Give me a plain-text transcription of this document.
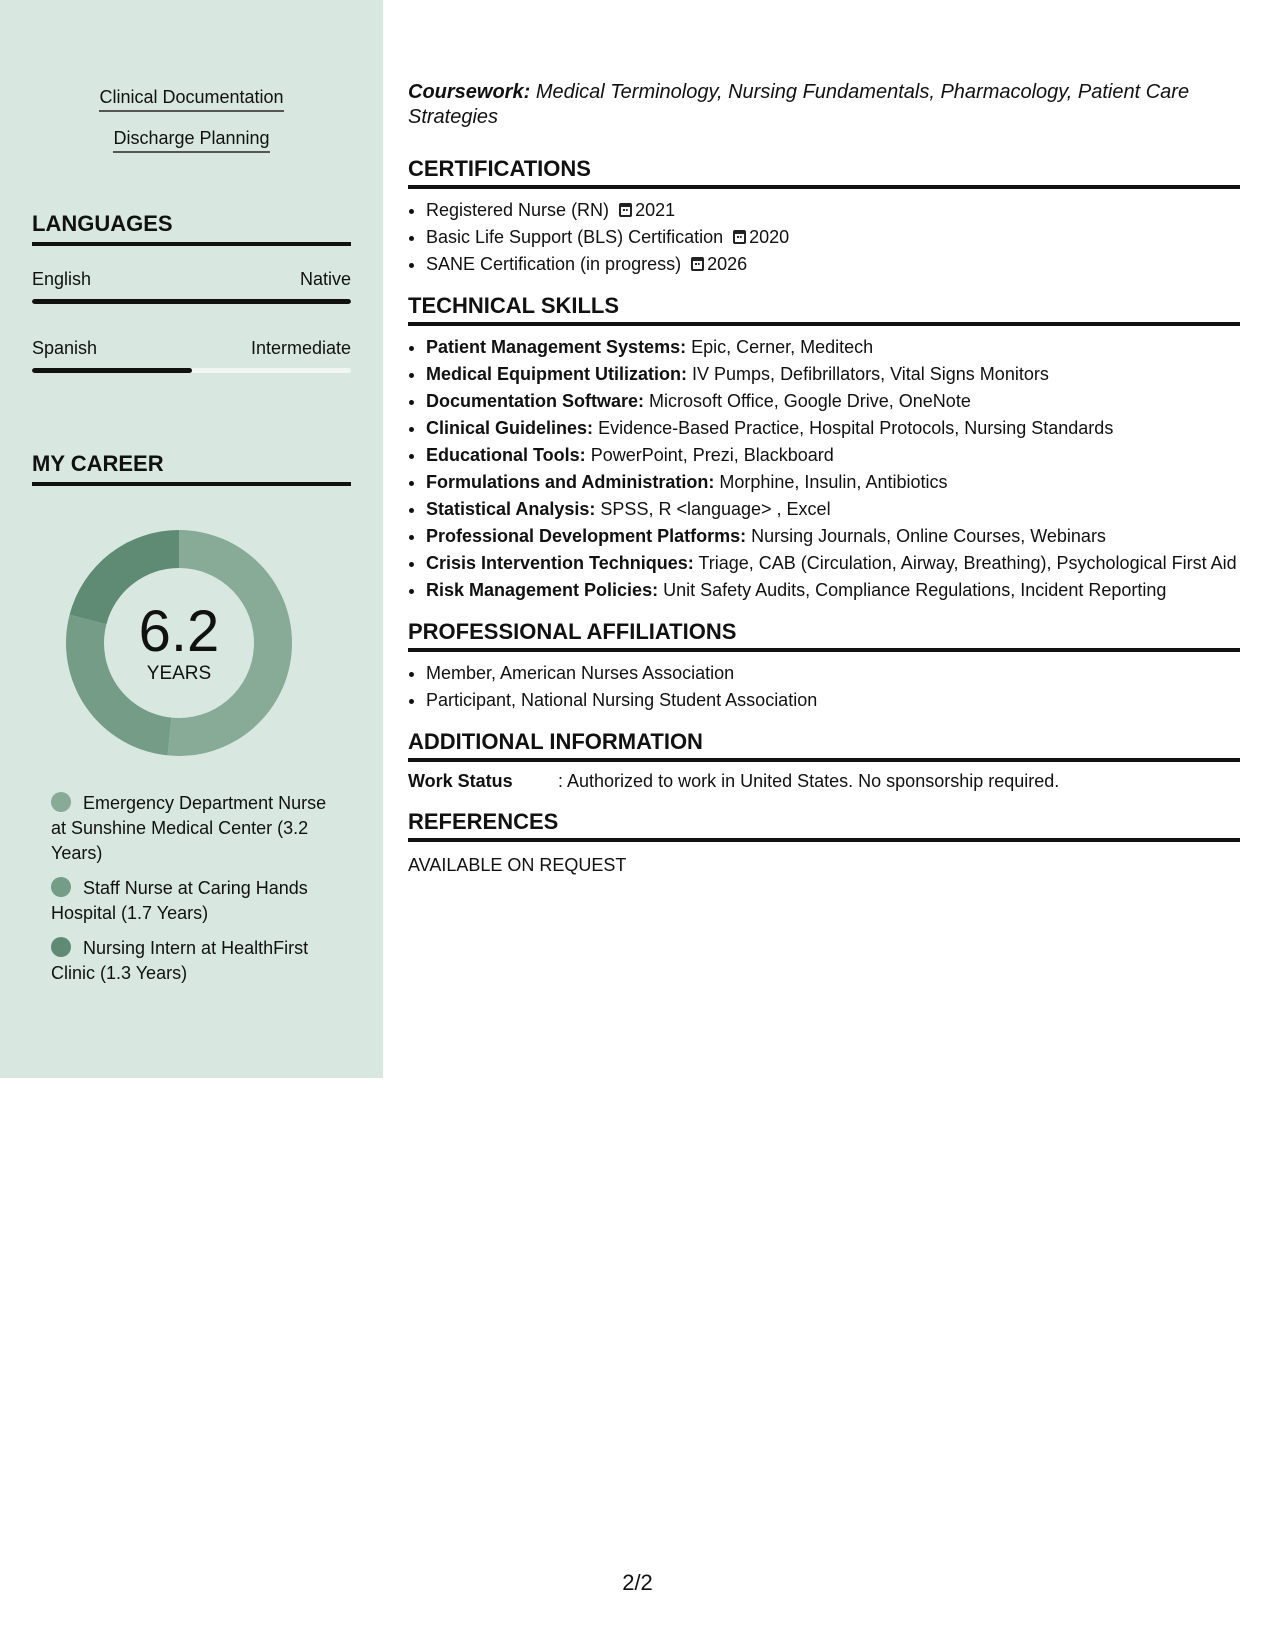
Clinical Documentation
Discharge Planning
LANGUAGES
English	Native
Spanish	Intermediate
MY CAREER
6.2
YEARS
Emergency Department Nurse at Sunshine Medical Center (3.2 Years)
Staff Nurse at Caring Hands Hospital (1.7 Years)
Nursing Intern at HealthFirst Clinic (1.3 Years)

Coursework: Medical Terminology, Nursing Fundamentals, Pharmacology, Patient Care Strategies

CERTIFICATIONS
• Registered Nurse (RN) 2021
• Basic Life Support (BLS) Certification 2020
• SANE Certification (in progress) 2026
TECHNICAL SKILLS
• Patient Management Systems: Epic, Cerner, Meditech
• Medical Equipment Utilization: IV Pumps, Defibrillators, Vital Signs Monitors
• Documentation Software: Microsoft Office, Google Drive, OneNote
• Clinical Guidelines: Evidence-Based Practice, Hospital Protocols, Nursing Standards
• Educational Tools: PowerPoint, Prezi, Blackboard
• Formulations and Administration: Morphine, Insulin, Antibiotics
• Statistical Analysis: SPSS, R <language> , Excel
• Professional Development Platforms: Nursing Journals, Online Courses, Webinars
• Crisis Intervention Techniques: Triage, CAB (Circulation, Airway, Breathing), Psychological First Aid
• Risk Management Policies: Unit Safety Audits, Compliance Regulations, Incident Reporting
PROFESSIONAL AFFILIATIONS
• Member, American Nurses Association
• Participant, National Nursing Student Association
ADDITIONAL INFORMATION
Work Status	: Authorized to work in United States. No sponsorship required.
REFERENCES
AVAILABLE ON REQUEST
2/2
